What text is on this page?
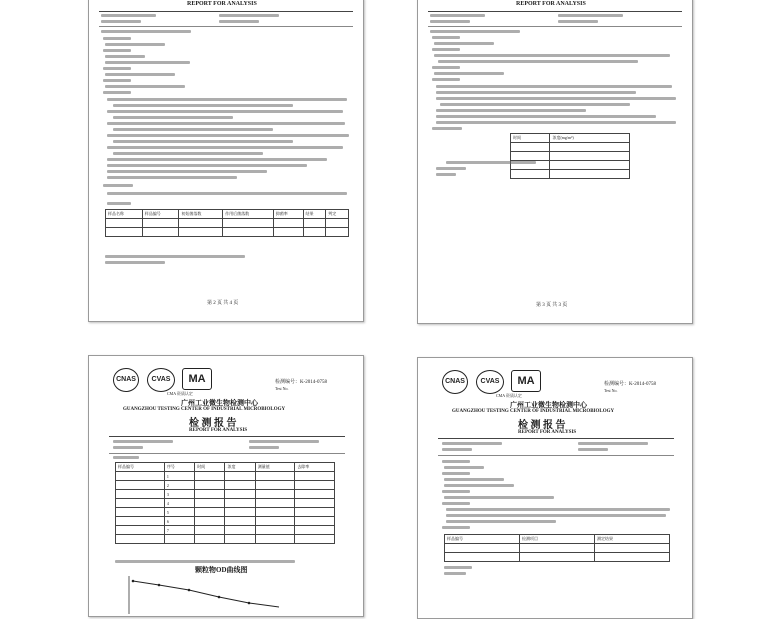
REPORT FOR ANALYSIS
样品名称	样品编号	初始菌落数	作用后菌落数	抑菌率	结果	判定

第 2 页 共 4 页
REPORT FOR ANALYSIS
时间	浓度(mg/m³)

第 3 页 共 3 页
CNAS	CVAS	MA
CMA 资质认定
检测编号：K-2014-0758
Test No.
广州工业微生物检测中心
GUANGZHOU TESTING CENTER OF INDUSTRIAL MICROBIOLOGY
检 测 报 告
REPORT FOR ANALYSIS
样品编号	序号	时间	浓度	测量值	去除率
	1				
	2				
	3				
	4				
	5				
	6				
	7				

颗粒物OD曲线图
CNAS	CVAS	MA
CMA 资质认定
检测编号：K-2014-0758
Test No.
广州工业微生物检测中心
GUANGZHOU TESTING CENTER OF INDUSTRIAL MICROBIOLOGY
检 测 报 告
REPORT FOR ANALYSIS
样品编号	检测项目	测定结果
